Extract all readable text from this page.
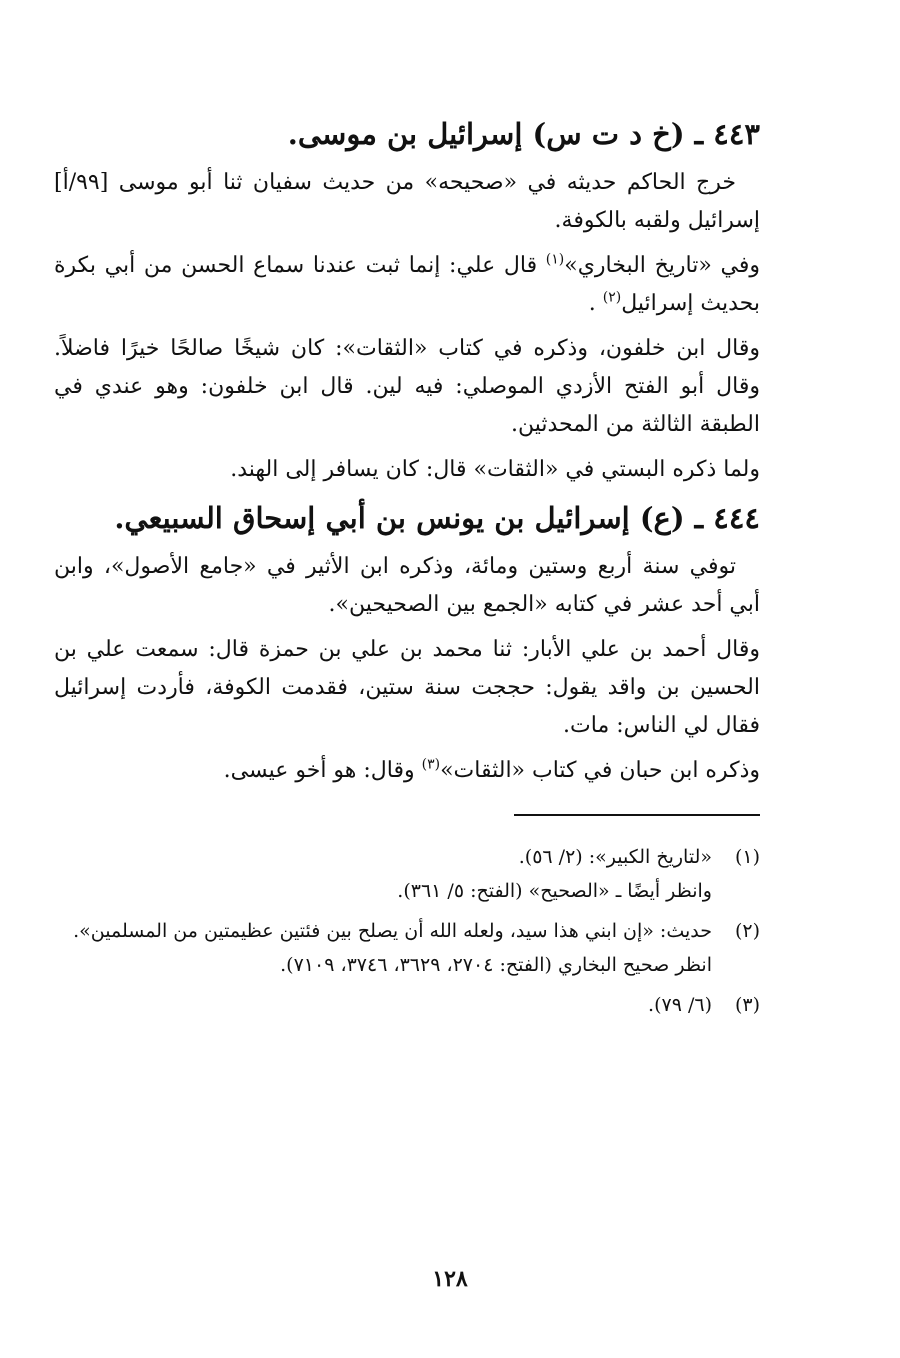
٤٤٣ ـ (خ د ت س) إسرائيل بن موسى.

خرج الحاكم حديثه في «صحيحه» من حديث سفيان ثنا أبو موسى [٩٩/أ] إسرائيل ولقبه بالكوفة.

وفي «تاريخ البخاري»$^{(١)}$ قال علي: إنما ثبت عندنا سماع الحسن من أبي بكرة بحديث إسرائيل$^{(٢)}$ .

وقال ابن خلفون، وذكره في كتاب «الثقات»: كان شيخًا صالحًا خيرًا فاضلاً. وقال أبو الفتح الأزدي الموصلي: فيه لين. قال ابن خلفون: وهو عندي في الطبقة الثالثة من المحدثين.

ولما ذكره البستي في «الثقات» قال: كان يسافر إلى الهند.

٤٤٤ ـ (ع) إسرائيل بن يونس بن أبي إسحاق السبيعي.

توفي سنة أربع وستين ومائة، وذكره ابن الأثير في «جامع الأصول»، وابن أبي أحد عشر في كتابه «الجمع بين الصحيحين».

وقال أحمد بن علي الأبار: ثنا محمد بن علي بن حمزة قال: سمعت علي بن الحسين بن واقد يقول: حججت سنة ستين، فقدمت الكوفة، فأردت إسرائيل فقال لي الناس: مات.

وذكره ابن حبان في كتاب «الثقات»$^{(٣)}$ وقال: هو أخو عيسى.

(١)
«لتاريخ الكبير»: (٢/ ٥٦).
وانظر أيضًا ـ «الصحيح» (الفتح: ٥/ ٣٦١).
(٢)
حديث: «إن ابني هذا سيد، ولعله الله أن يصلح بين فئتين عظيمتين من المسلمين».
انظر صحيح البخاري (الفتح: ٢٧٠٤، ٣٦٢٩، ٣٧٤٦، ٧١٠٩).
(٣)
(٦/ ٧٩).
١٢٨
